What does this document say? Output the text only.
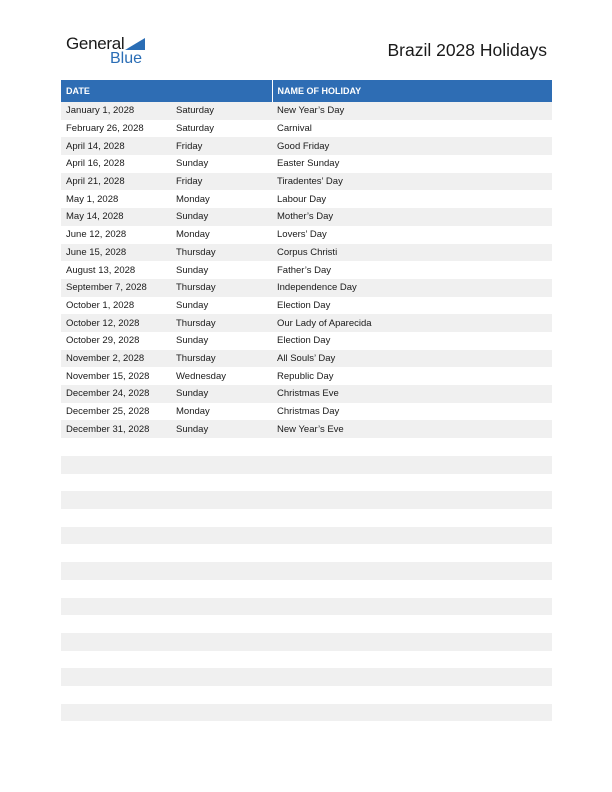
General
Blue	Brazil 2028 Holidays
DATE		NAME OF HOLIDAY
January 1, 2028	Saturday	New Year’s Day
February 26, 2028	Saturday	Carnival
April 14, 2028	Friday	Good Friday
April 16, 2028	Sunday	Easter Sunday
April 21, 2028	Friday	Tiradentes’ Day
May 1, 2028	Monday	Labour Day
May 14, 2028	Sunday	Mother’s Day
June 12, 2028	Monday	Lovers’ Day
June 15, 2028	Thursday	Corpus Christi
August 13, 2028	Sunday	Father’s Day
September 7, 2028	Thursday	Independence Day
October 1, 2028	Sunday	Election Day
October 12, 2028	Thursday	Our Lady of Aparecida
October 29, 2028	Sunday	Election Day
November 2, 2028	Thursday	All Souls’ Day
November 15, 2028	Wednesday	Republic Day
December 24, 2028	Sunday	Christmas Eve
December 25, 2028	Monday	Christmas Day
December 31, 2028	Sunday	New Year’s Eve
